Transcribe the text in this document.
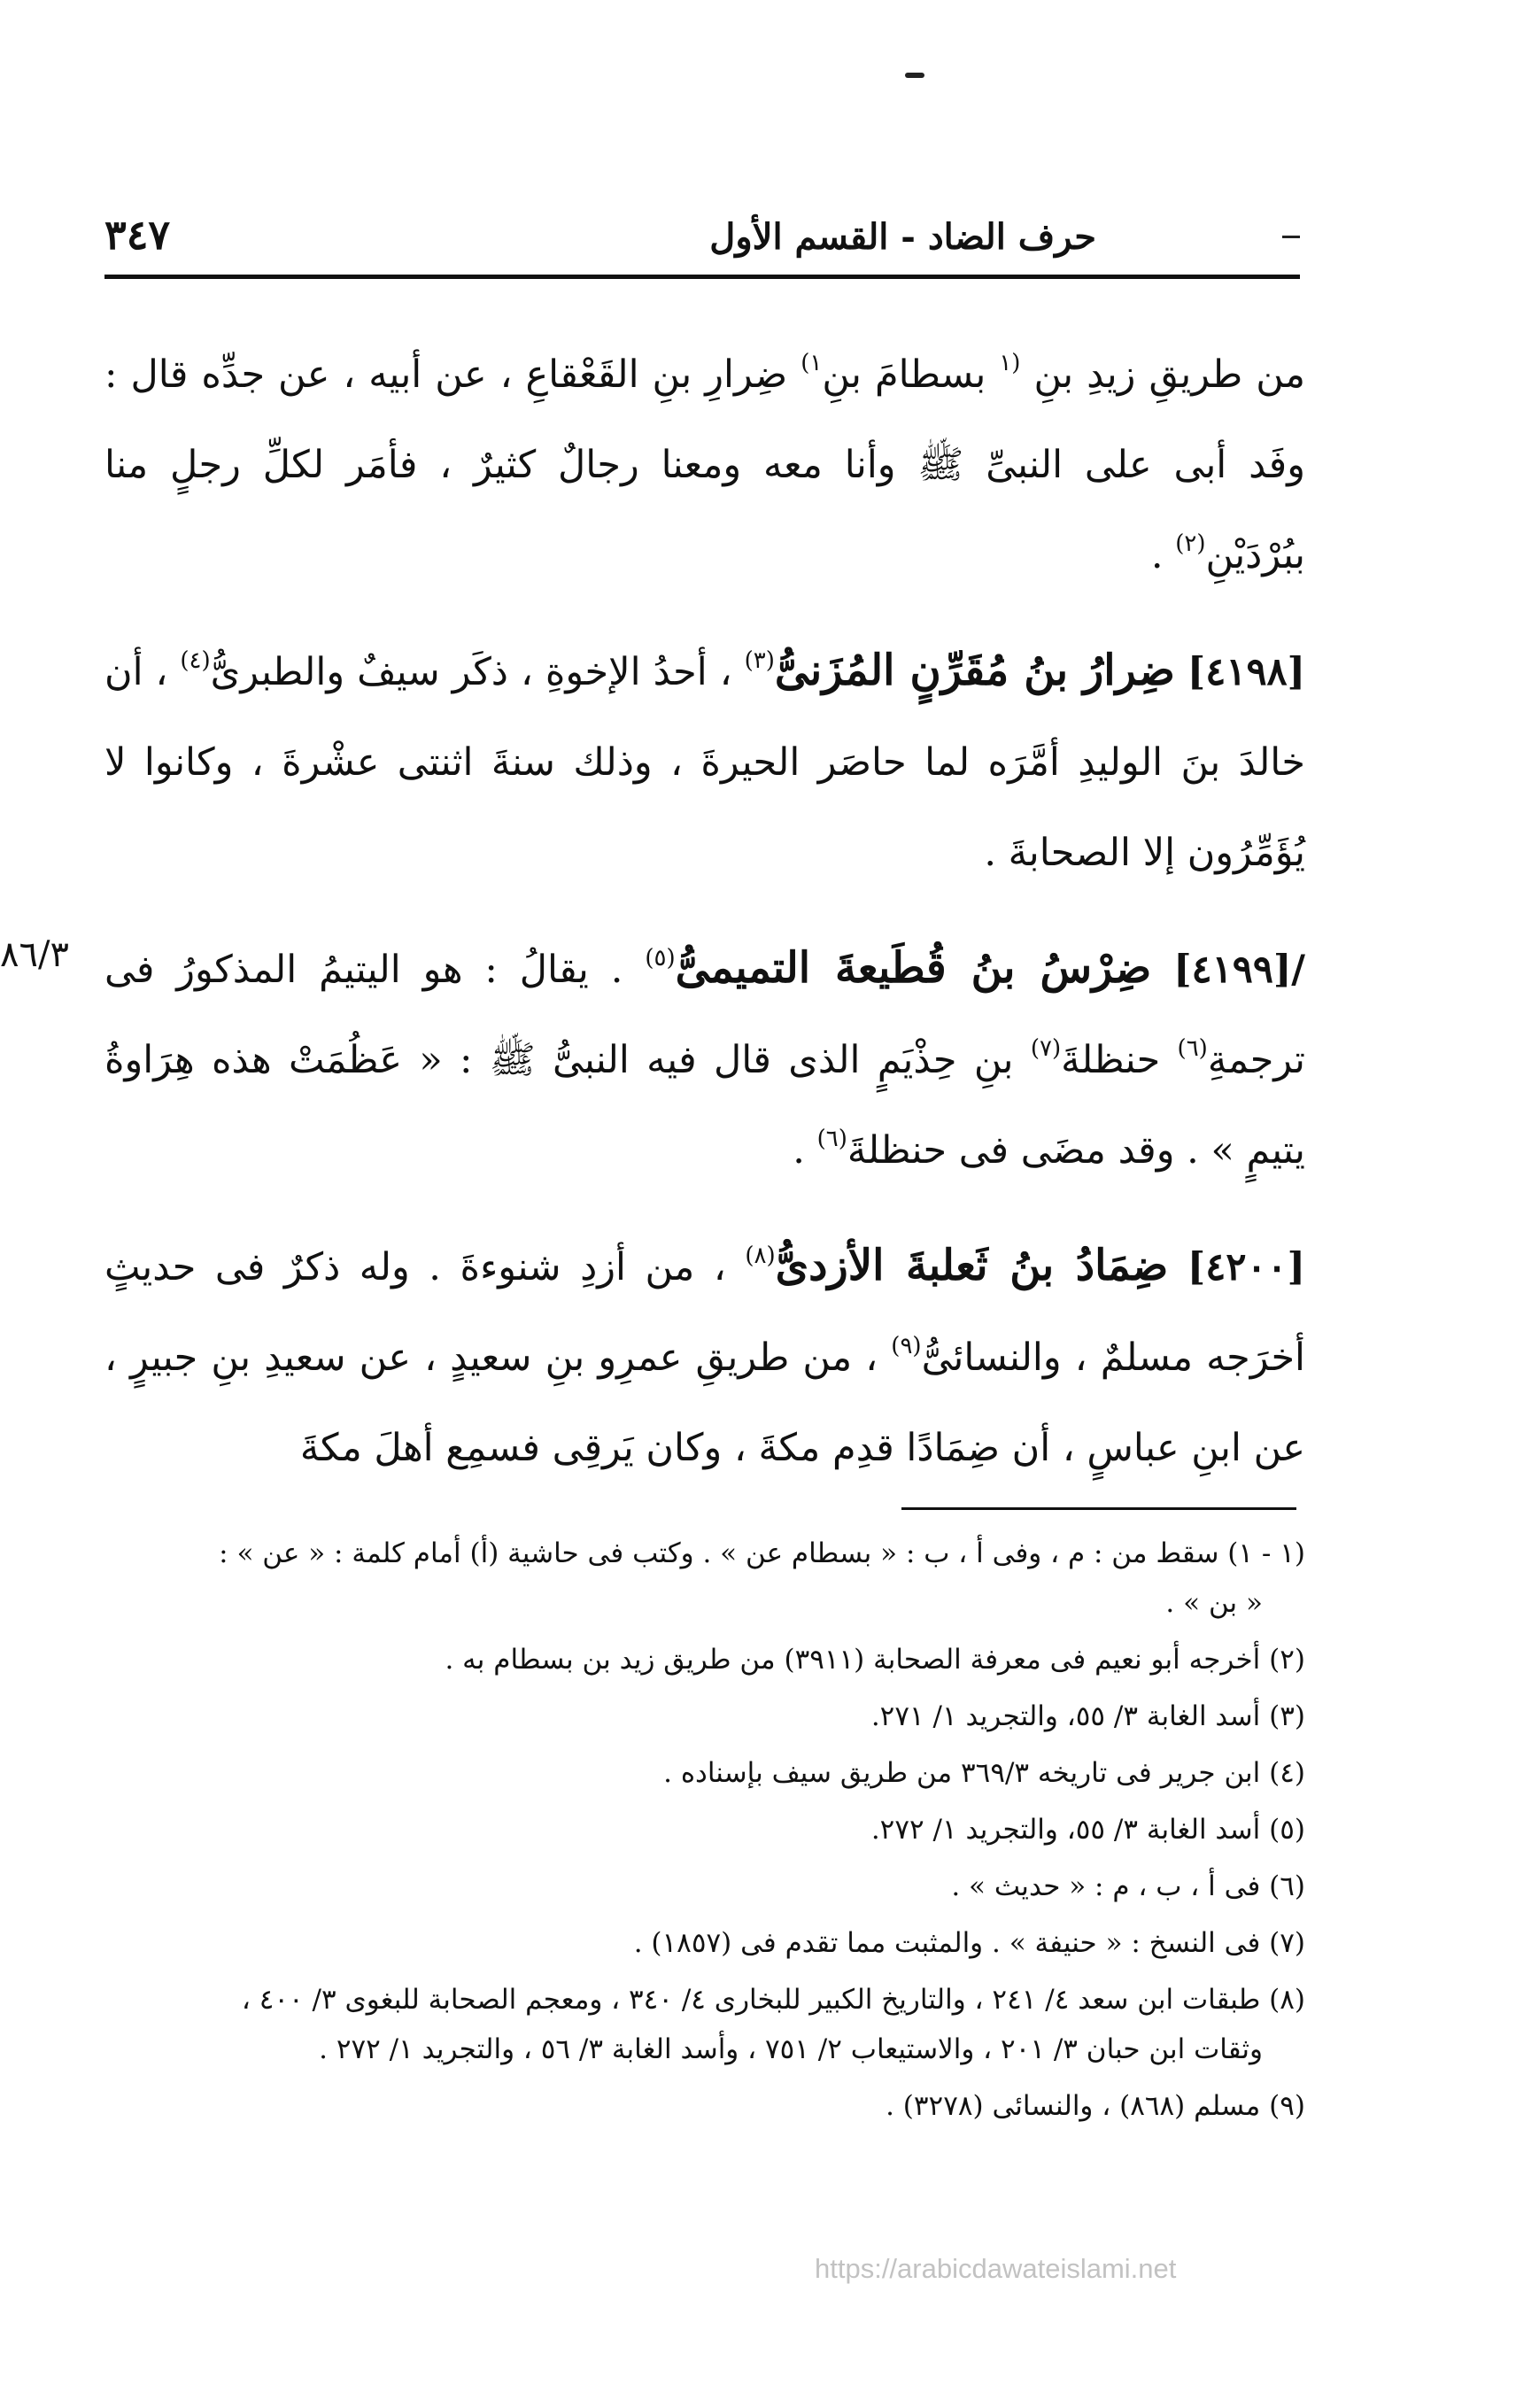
حرف الضاد - القسم الأول
٣٤٧

من طريقِ زيدِ بنِ $^{(١}$ بسطامَ بنِ$^{١)}$ ضِرارِ بنِ القَعْقاعِ ، عن أبيه ، عن جدِّه قال : وفَد أبى على النبىِّ ﷺ وأنا معه ومعنا رجالٌ كثيرٌ ، فأمَر لكلِّ رجلٍ منا ببُرْدَيْنِ$^{(٢)}$ .

[٤١٩٨] ضِرارُ بنُ مُقَرِّنٍ المُزَنىُّ$^{(٣)}$ ، أحدُ الإخوةِ ، ذكَر سيفٌ والطبرىُّ$^{(٤)}$ ، أن خالدَ بنَ الوليدِ أمَّرَه لما حاصَر الحيرةَ ، وذلك سنةَ اثنتى عشْرةَ ، وكانوا لا يُؤَمِّرُون إلا الصحابةَ .

/[٤١٩٩] ضِرْسُ بنُ قُطَيعةَ التميمىُّ$^{(٥)}$ . يقالُ : هو اليتيمُ المذكورُ فى ترجمةِ$^{(٦)}$ حنظلةَ$^{(٧)}$ بنِ حِذْيَمٍ الذى قال فيه النبىُّ ﷺ : « عَظُمَتْ هذه هِرَاوةُ يتيمٍ » . وقد مضَى فى حنظلةَ$^{(٦)}$ .

[٤٢٠٠] ضِمَادُ بنُ ثَعلبةَ الأزدىُّ$^{(٨)}$ ، من أزدِ شنوءةَ . وله ذكرٌ فى حديثٍ أخرَجه مسلمٌ ، والنسائىُّ$^{(٩)}$ ، من طريقِ عمرِو بنِ سعيدٍ ، عن سعيدِ بنِ جبيرٍ ، عن ابنِ عباسٍ ، أن ضِمَادًا قدِم مكةَ ، وكان يَرقِى فسمِع أهلَ مكةَ

٨٦/٣

(١ - ١) سقط من : م ، وفى أ ، ب : « بسطام عن » . وكتب فى حاشية (أ) أمام كلمة : « عن » :
« بن » .

(٢) أخرجه أبو نعيم فى معرفة الصحابة (٣٩١١) من طريق زيد بن بسطام به .

(٣) أسد الغابة ٣/ ٥٥، والتجريد ١/ ٢٧١.

(٤) ابن جرير فى تاريخه ٣٦٩/٣ من طريق سيف بإسناده .

(٥) أسد الغابة ٣/ ٥٥، والتجريد ١/ ٢٧٢.

(٦) فى أ ، ب ، م : « حديث » .

(٧) فى النسخ : « حنيفة » . والمثبت مما تقدم فى (١٨٥٧) .

(٨) طبقات ابن سعد ٤/ ٢٤١ ، والتاريخ الكبير للبخارى ٤/ ٣٤٠ ، ومعجم الصحابة للبغوى ٣/ ٤٠٠ ،
وثقات ابن حبان ٣/ ٢٠١ ، والاستيعاب ٢/ ٧٥١ ، وأسد الغابة ٣/ ٥٦ ، والتجريد ١/ ٢٧٢ .

(٩) مسلم (٨٦٨) ، والنسائى (٣٢٧٨) .

https://arabicdawateislami.net
